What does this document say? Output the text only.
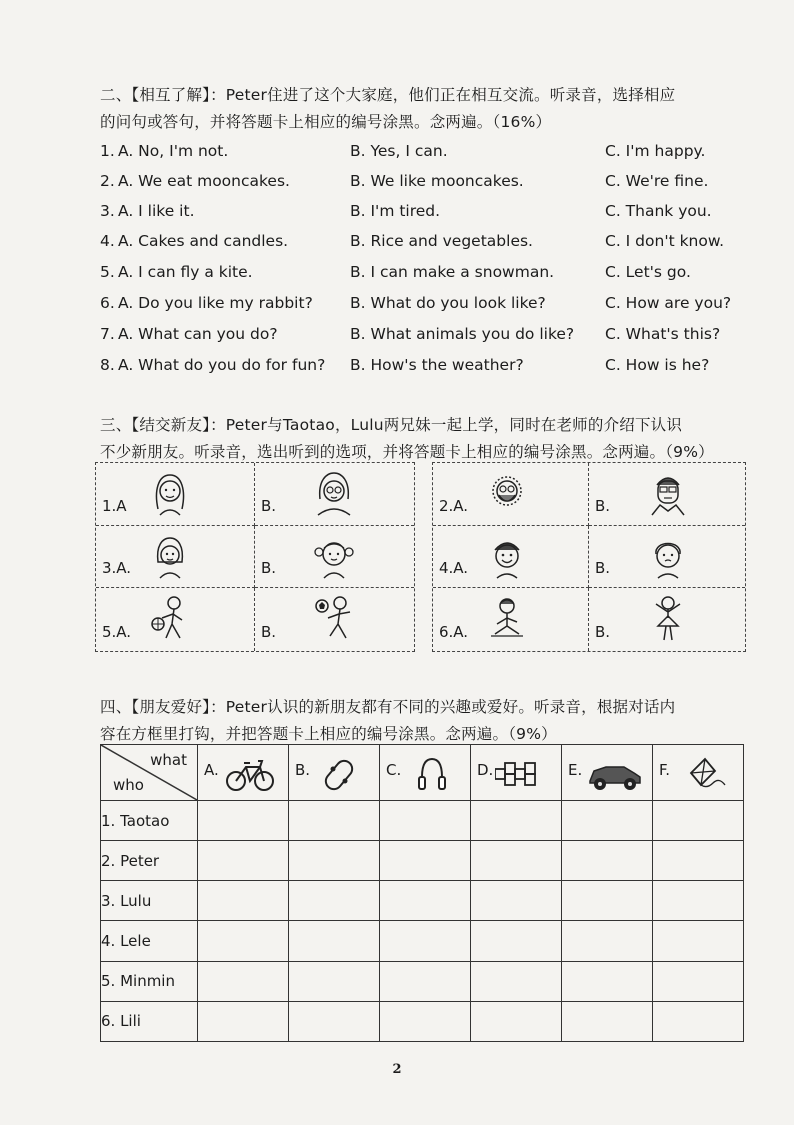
二、【相互了解】：Peter住进了这个大家庭，他们正在相互交流。听录音，选择相应
的问句或答句，并将答题卡上相应的编号涂黑。念两遍。（16%）
1. A. No, I'm not.	B. Yes, I can.	C. I'm happy.
2. A. We eat mooncakes.	B. We like mooncakes.	C. We're fine.
3. A. I like it.	B. I'm tired.	C. Thank you.
4. A. Cakes and candles.	B. Rice and vegetables.	C. I don't know.
5. A. I can fly a kite.	B. I can make a snowman.	C. Let's go.
6. A. Do you like my rabbit? B. What do you look like?	C. How are you?
7. A. What can you do?	B. What animals you do like? C. What's this?
8. A. What do you do for fun? B. How's the weather?	C. How is he?
三、【结交新友】：Peter与Taotao，Lulu两兄妹一起上学，同时在老师的介绍下认识
不少新朋友。听录音，选出听到的选项，并将答题卡上相应的编号涂黑。念两遍。（9%）
1.A	B.
3.A.	B.
5.A.	B.
2.A.	B.
4.A.	B.
6.A.	B.
四、【朋友爱好】：Peter认识的新朋友都有不同的兴趣或爱好。听录音，根据对话内
容在方框里打钩，并把答题卡上相应的编号涂黑。念两遍。（9%）
what
who	A.	B.	C.	D.	E.	F.

1. Taotao						
2. Peter						
3. Lulu						
4. Lele						
5. Minmin						
6. Lili						
2
